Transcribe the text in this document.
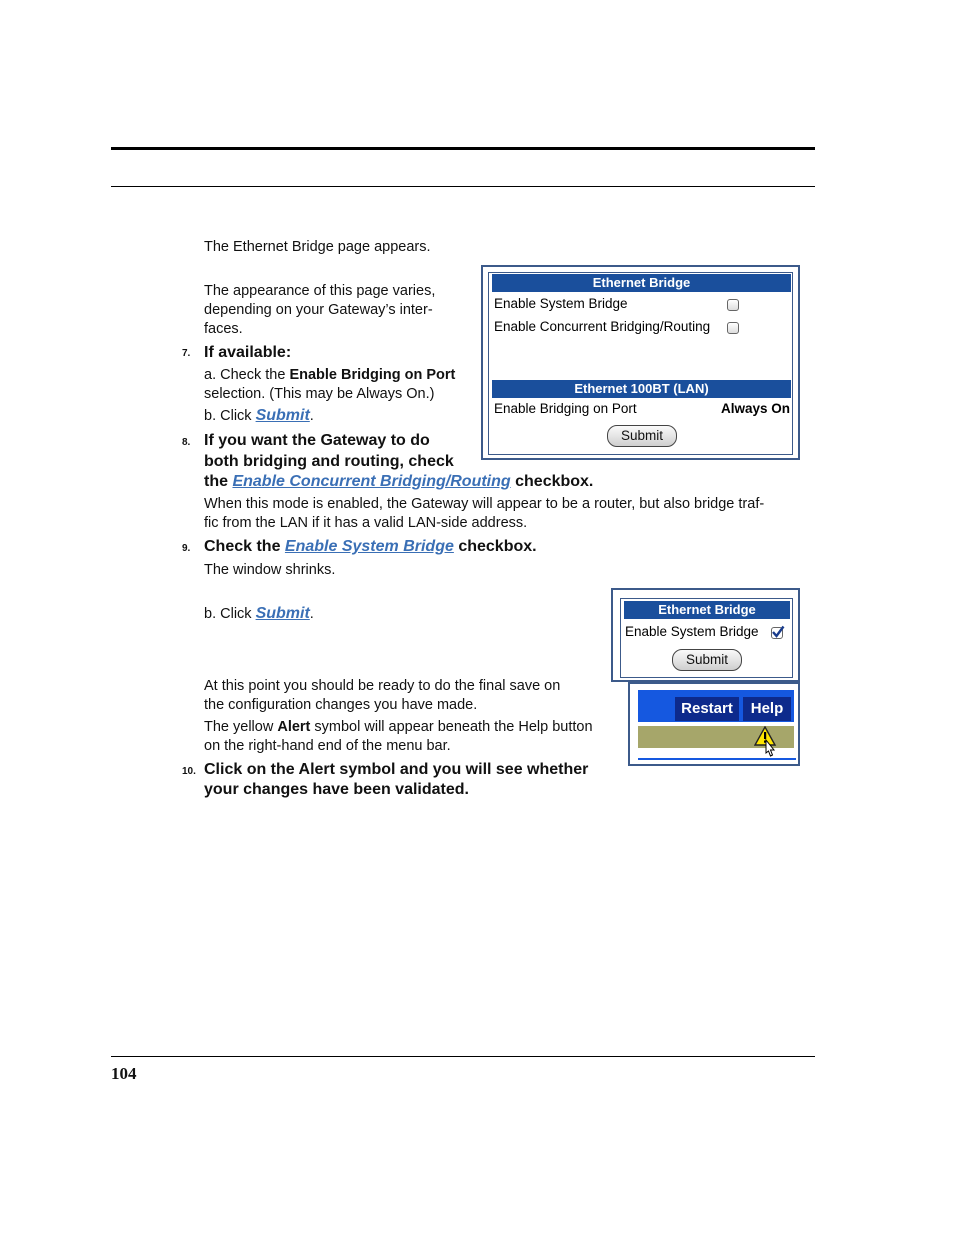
104
The Ethernet Bridge page appears.
The appearance of this page varies, depending on your Gateway’s inter-faces.
7. If available:
a. Check the Enable Bridging on Port
selection. (This may be Always On.)
b. Click Submit.
8. If you want the Gateway to do
both bridging and routing, check
the Enable Concurrent Bridging/Routing checkbox.
When this mode is enabled, the Gateway will appear to be a router, but also bridge traf-
fic from the LAN if it has a valid LAN-side address.
9. Check the Enable System Bridge checkbox.
The window shrinks.
b. Click Submit.
At this point you should be ready to do the final save on
the configuration changes you have made.
The yellow Alert symbol will appear beneath the Help button
on the right-hand end of the menu bar.
10. Click on the Alert symbol and you will see whether
your changes have been validated.
Ethernet Bridge
Enable System Bridge
Enable Concurrent Bridging/Routing
Ethernet 100BT (LAN)
Enable Bridging on Port	Always On
Submit
Ethernet Bridge
Enable System Bridge
Submit
Restart	Help
